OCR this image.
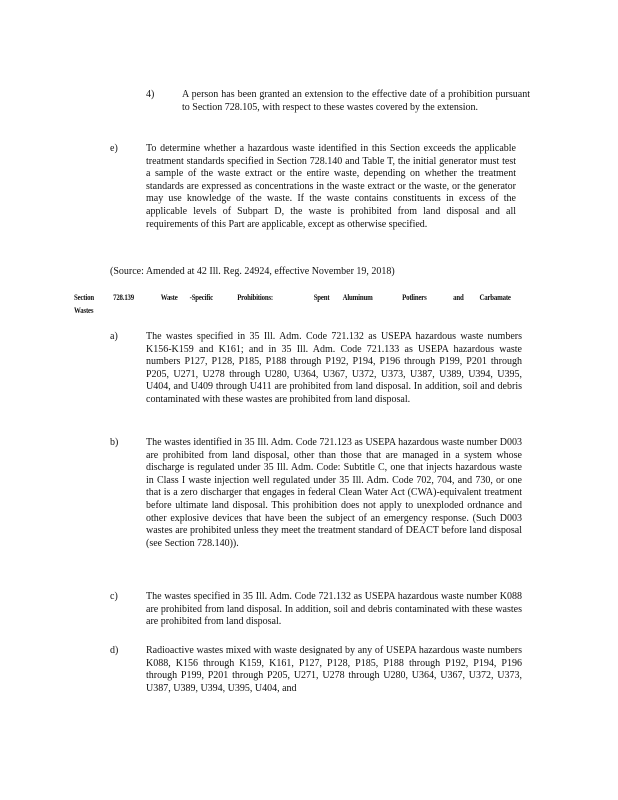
4)	A person has been granted an extension to the effective date of a prohibition pursuant to Section 728.105, with respect to these wastes covered by the extension.
e)	To determine whether a hazardous waste identified in this Section exceeds the applicable treatment standards specified in Section 728.140 and Table T, the initial generator must test a sample of the waste extract or the entire waste, depending on whether the treatment standards are expressed as concentrations in the waste extract or the waste, or the generator may use knowledge of the waste. If the waste contains constituents in excess of the applicable levels of Subpart D, the waste is prohibited from land disposal and all requirements of this Part are applicable, except as otherwise specified.
(Source: Amended at 42 Ill. Reg. 24924, effective November 19, 2018)
Section 728.139	Waste -Specific	Prohibitions:	Spent Aluminum	Potliners	and Carbamate
Wastes
a)	The wastes specified in 35 Ill. Adm. Code 721.132 as USEPA hazardous waste numbers K156-K159 and K161; and in 35 Ill. Adm. Code 721.133 as USEPA hazardous waste numbers P127, P128, P185, P188 through P192, P194, P196 through P199, P201 through P205, U271, U278 through U280, U364, U367, U372, U373, U387, U389, U394, U395, U404, and U409 through U411 are prohibited from land disposal. In addition, soil and debris contaminated with these wastes are prohibited from land disposal.
b)	The wastes identified in 35 Ill. Adm. Code 721.123 as USEPA hazardous waste number D003 are prohibited from land disposal, other than those that are managed in a system whose discharge is regulated under 35 Ill. Adm. Code: Subtitle C, one that injects hazardous waste in Class I waste injection well regulated under 35 Ill. Adm. Code 702, 704, and 730, or one that is a zero discharger that engages in federal Clean Water Act (CWA)-equivalent treatment before ultimate land disposal. This prohibition does not apply to unexploded ordnance and other explosive devices that have been the subject of an emergency response. (Such D003 wastes are prohibited unless they meet the treatment standard of DEACT before land disposal (see Section 728.140)).
c)	The wastes specified in 35 Ill. Adm. Code 721.132 as USEPA hazardous waste number K088 are prohibited from land disposal. In addition, soil and debris contaminated with these wastes are prohibited from land disposal.
d)	Radioactive wastes mixed with waste designated by any of USEPA hazardous waste numbers K088, K156 through K159, K161, P127, P128, P185, P188 through P192, P194, P196 through P199, P201 through P205, U271, U278 through U280, U364, U367, U372, U373, U387, U389, U394, U395, U404, and
